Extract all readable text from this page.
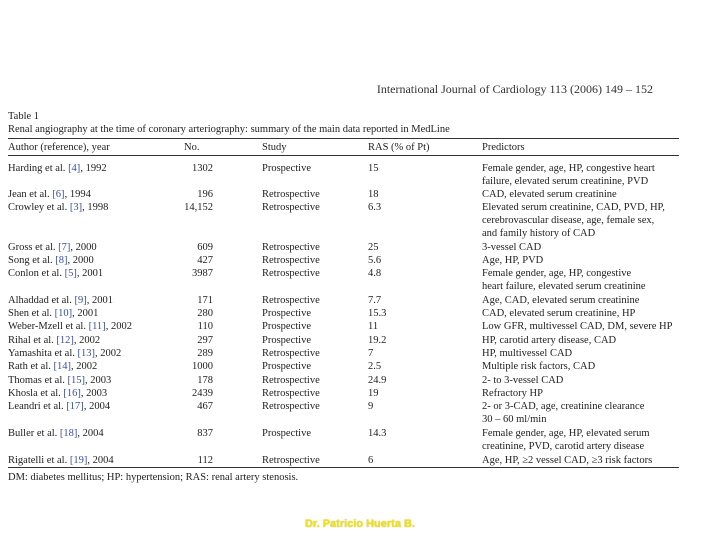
International Journal of Cardiology 113 (2006) 149 – 152
Table 1
Renal angiography at the time of coronary arteriography: summary of the main data reported in MedLine
Author (reference), year	No.	Study	RAS (% of Pt)	Predictors
Harding et al. [4], 1992	1302	Prospective	15	Female gender, age, HP, congestive heart
failure, elevated serum creatinine, PVD
Jean et al. [6], 1994	196	Retrospective	18	CAD, elevated serum creatinine
Crowley et al. [3], 1998	14,152	Retrospective	6.3	Elevated serum creatinine, CAD, PVD, HP,
cerebrovascular disease, age, female sex,
and family history of CAD
Gross et al. [7], 2000	609	Retrospective	25	3-vessel CAD
Song et al. [8], 2000	427	Retrospective	5.6	Age, HP, PVD
Conlon et al. [5], 2001	3987	Retrospective	4.8	Female gender, age, HP, congestive
heart failure, elevated serum creatinine
Alhaddad et al. [9], 2001	171	Retrospective	7.7	Age, CAD, elevated serum creatinine
Shen et al. [10], 2001	280	Prospective	15.3	CAD, elevated serum creatinine, HP
Weber-Mzell et al. [11], 2002	110	Prospective	11	Low GFR, multivessel CAD, DM, severe HP
Rihal et al. [12], 2002	297	Prospective	19.2	HP, carotid artery disease, CAD
Yamashita et al. [13], 2002	289	Retrospective	7	HP, multivessel CAD
Rath et al. [14], 2002	1000	Prospective	2.5	Multiple risk factors, CAD
Thomas et al. [15], 2003	178	Retrospective	24.9	2- to 3-vessel CAD
Khosla et al. [16], 2003	2439	Retrospective	19	Refractory HP
Leandri et al. [17], 2004	467	Retrospective	9	2- or 3-CAD, age, creatinine clearance
30 – 60 ml/min
Buller et al. [18], 2004	837	Prospective	14.3	Female gender, age, HP, elevated serum
creatinine, PVD, carotid artery disease
Rigatelli et al. [19], 2004	112	Retrospective	6	Age, HP, ≥2 vessel CAD, ≥3 risk factors
DM: diabetes mellitus; HP: hypertension; RAS: renal artery stenosis.
Dr. Patricio Huerta B.
